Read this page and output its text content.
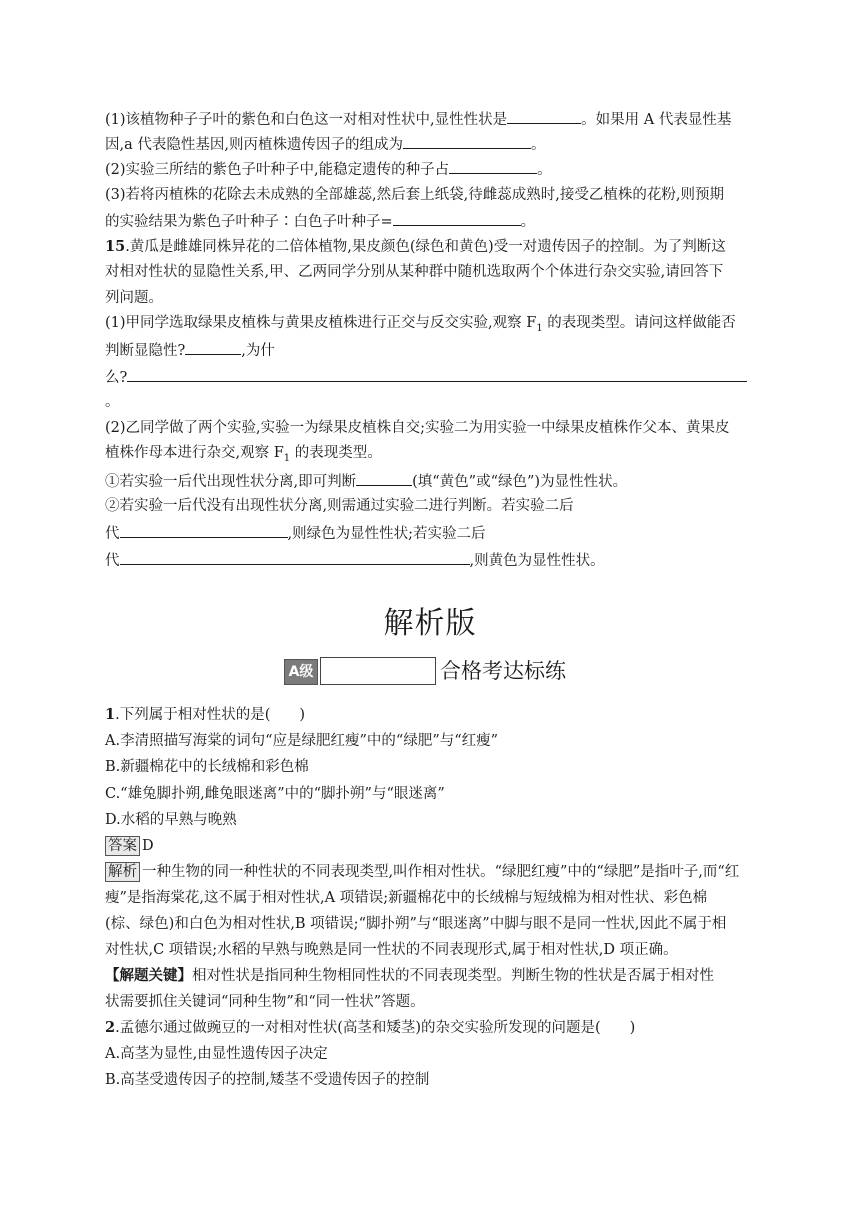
(1)该植物种子子叶的紫色和白色这一对相对性状中,显性性状是	。如果用 A 代表显性基
因,a 代表隐性基因,则丙植株遗传因子的组成为	。
(2)实验三所结的紫色子叶种子中,能稳定遗传的种子占	。
(3)若将丙植株的花除去未成熟的全部雄蕊,然后套上纸袋,待雌蕊成熟时,接受乙植株的花粉,则预期
的实验结果为紫色子叶种子∶白色子叶种子=	。
15.黄瓜是雌雄同株异花的二倍体植物,果皮颜色(绿色和黄色)受一对遗传因子的控制。为了判断这
对相对性状的显隐性关系,甲、乙两同学分别从某种群中随机选取两个个体进行杂交实验,请回答下
列问题。
(1)甲同学选取绿果皮植株与黄果皮植株进行正交与反交实验,观察 $F_1$ 的表现类型。请问这样做能否
判断显隐性?	,为什
么?
。
(2)乙同学做了两个实验,实验一为绿果皮植株自交;实验二为用实验一中绿果皮植株作父本、黄果皮
植株作母本进行杂交,观察 $F_1$ 的表现类型。
①若实验一后代出现性状分离,即可判断	(填“黄色”或“绿色”)为显性性状。
②若实验一后代没有出现性状分离,则需通过实验二进行判断。若实验二后
代	,则绿色为显性性状;若实验二后
代	,则黄色为显性性状。
解析版
A级	合格考达标练
1.下列属于相对性状的是(　　)
A.李清照描写海棠的词句“应是绿肥红瘦”中的“绿肥”与“红瘦”
B.新疆棉花中的长绒棉和彩色棉
C.“雄兔脚扑朔,雌兔眼迷离”中的“脚扑朔”与“眼迷离”
D.水稻的早熟与晚熟
答案 D
解析 一种生物的同一种性状的不同表现类型,叫作相对性状。“绿肥红瘦”中的“绿肥”是指叶子,而“红
瘦”是指海棠花,这不属于相对性状,A 项错误;新疆棉花中的长绒棉与短绒棉为相对性状、彩色棉
(棕、绿色)和白色为相对性状,B 项错误;“脚扑朔”与“眼迷离”中脚与眼不是同一性状,因此不属于相
对性状,C 项错误;水稻的早熟与晚熟是同一性状的不同表现形式,属于相对性状,D 项正确。
【解题关键】相对性状是指同种生物相同性状的不同表现类型。判断生物的性状是否属于相对性
状需要抓住关键词“同种生物”和“同一性状”答题。
2.孟德尔通过做豌豆的一对相对性状(高茎和矮茎)的杂交实验所发现的问题是(　　)
A.高茎为显性,由显性遗传因子决定
B.高茎受遗传因子的控制,矮茎不受遗传因子的控制
